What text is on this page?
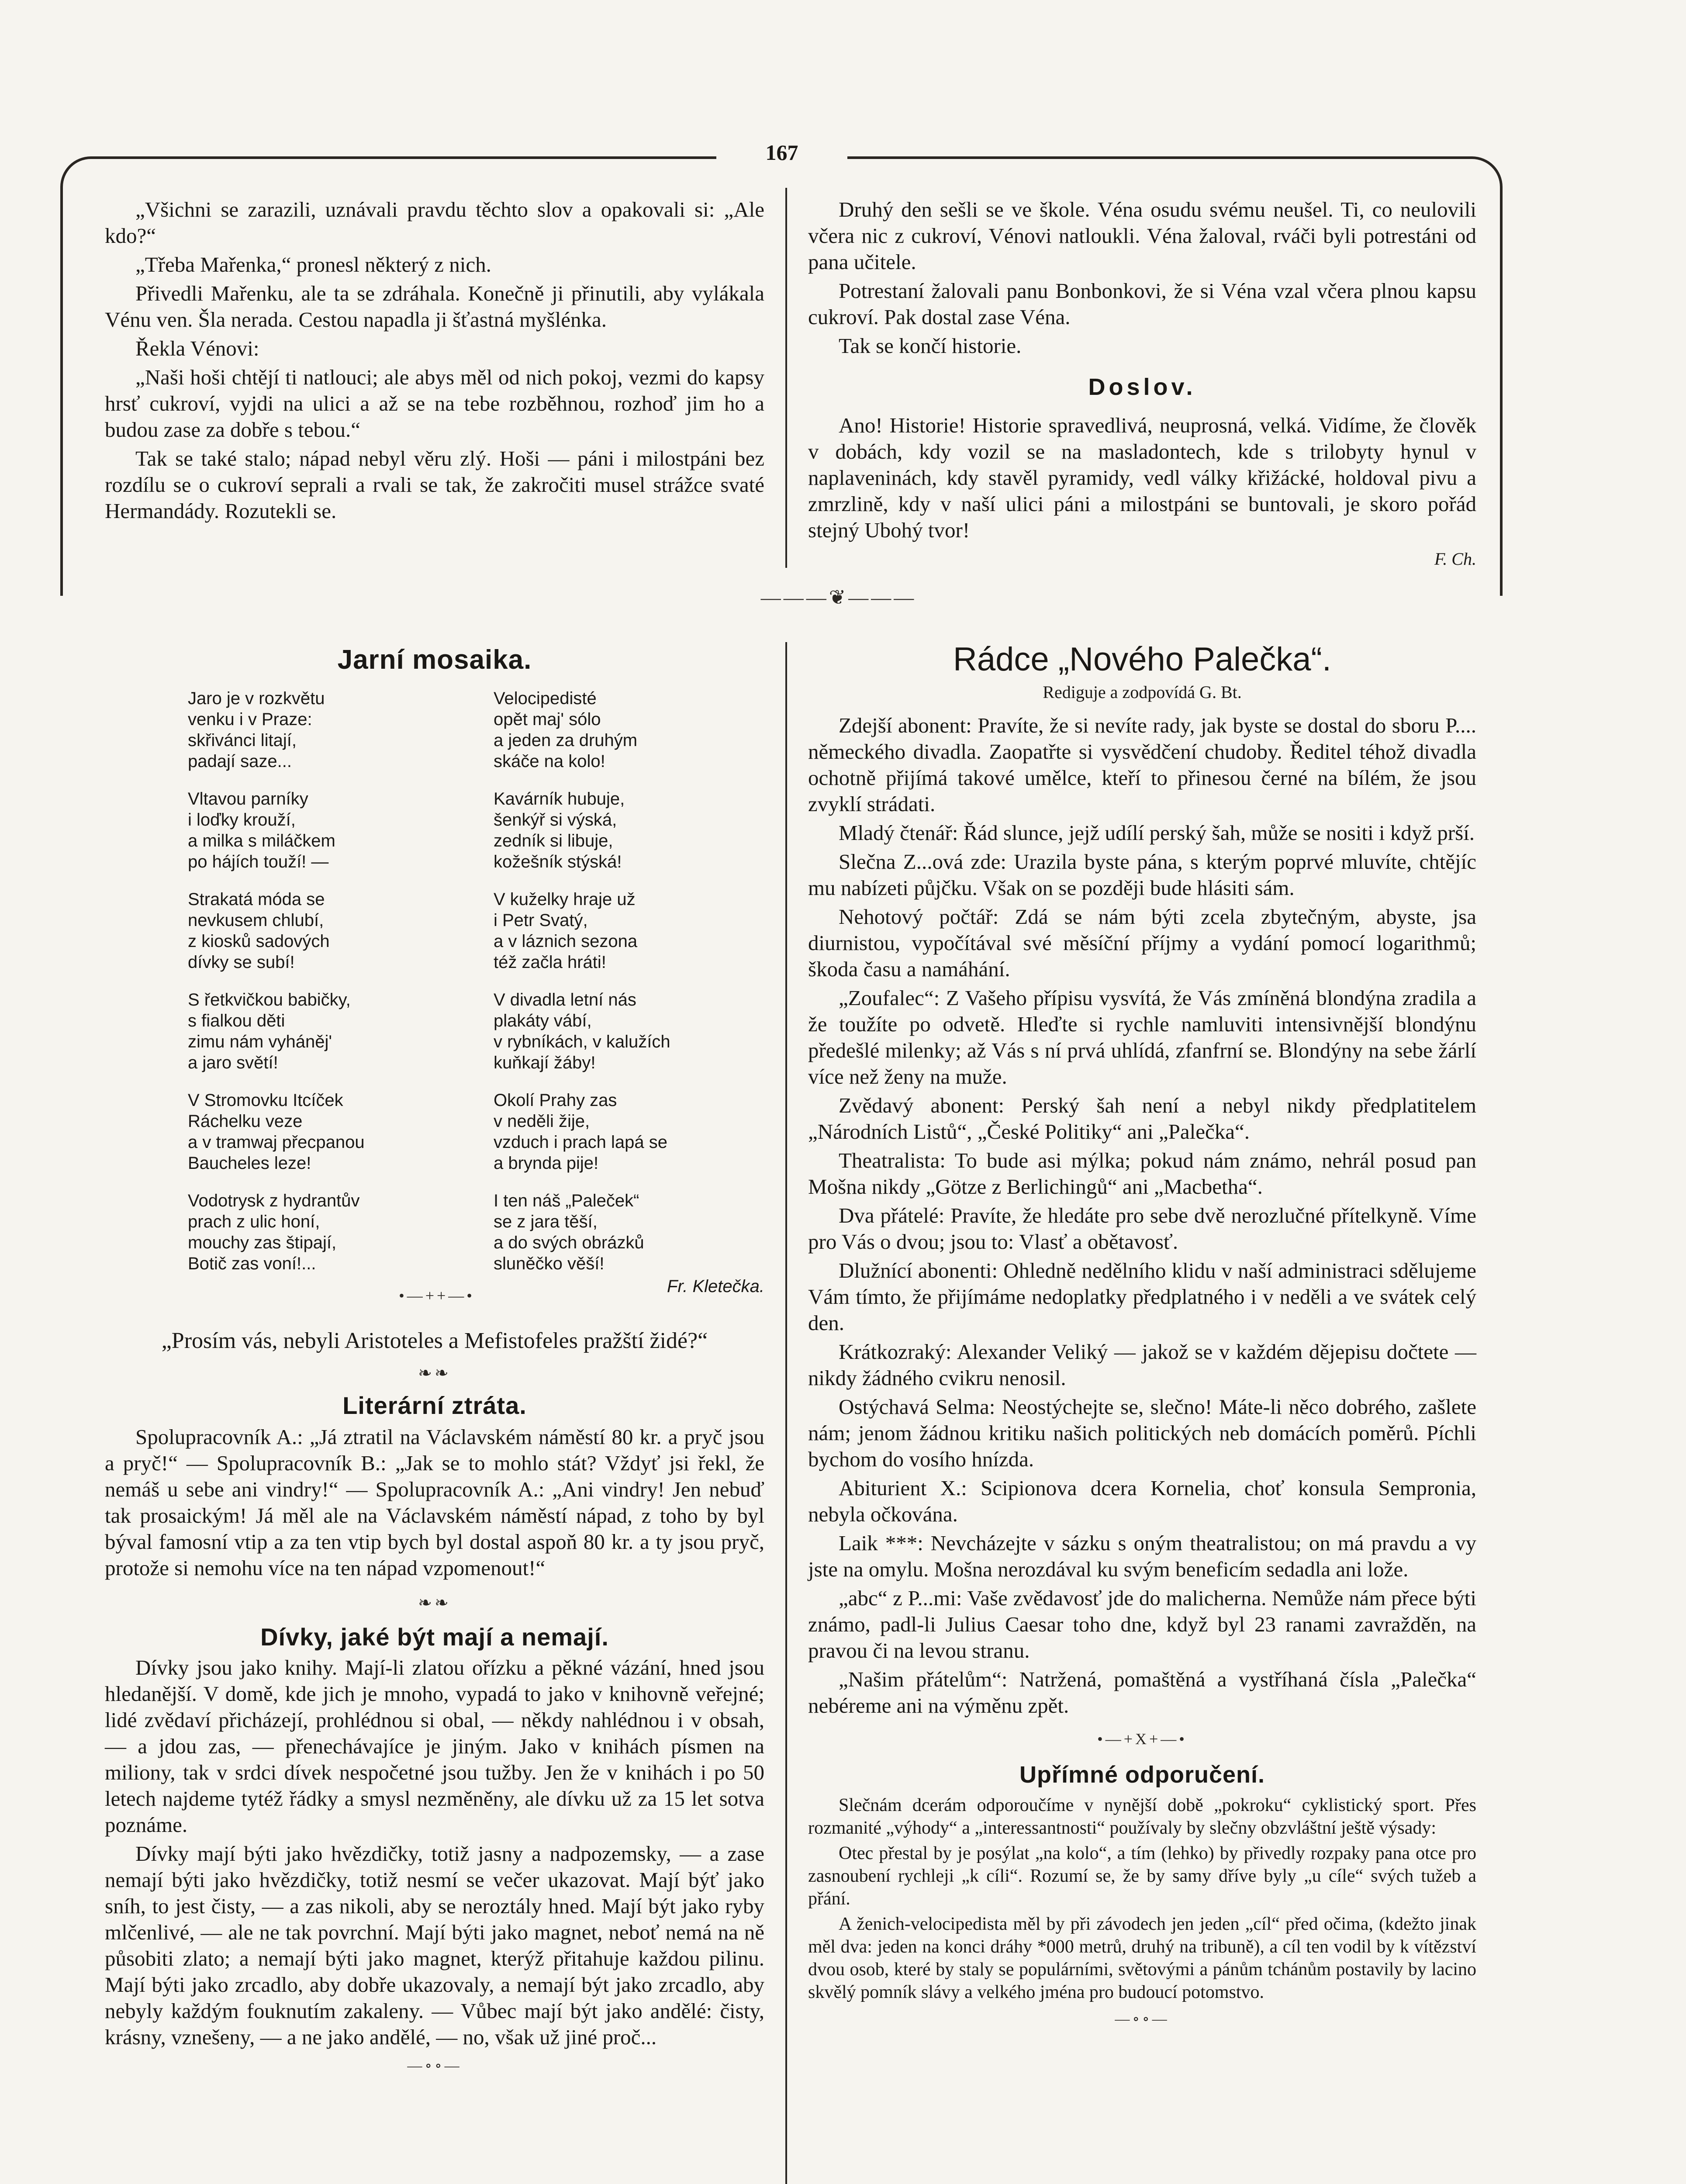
167

„Všichni se zarazili, uznávali pravdu těchto slov a opakovali si: „Ale kdo?“

„Třeba Mařenka,“ pronesl některý z nich.

Přivedli Mařenku, ale ta se zdráhala. Konečně ji přinutili, aby vylákala Vénu ven. Šla nerada. Cestou napadla ji šťastná myšlénka.

Řekla Vénovi:

„Naši hoši chtějí ti natlouci; ale abys měl od nich pokoj, vezmi do kapsy hrsť cukroví, vyjdi na ulici a až se na tebe rozběhnou, rozhoď jim ho a budou zase za dobře s tebou.“

Tak se také stalo; nápad nebyl věru zlý. Hoši — páni i milostpáni bez rozdílu se o cukroví seprali a rvali se tak, že zakročiti musel strážce svaté Hermandády. Rozutekli se.

Druhý den sešli se ve škole. Véna osudu svému neušel. Ti, co neulovili včera nic z cukroví, Vénovi natloukli. Véna žaloval, rváči byli potrestáni od pana učitele.

Potrestaní žalovali panu Bonbonkovi, že si Véna vzal včera plnou kapsu cukroví. Pak dostal zase Véna.

Tak se končí historie.

Doslov.

Ano! Historie! Historie spravedlivá, neuprosná, velká. Vidíme, že člověk v dobách, kdy vozil se na masladontech, kde s trilobyty hynul v naplaveninách, kdy stavěl pyramidy, vedl války křižácké, holdoval pivu a zmrzlině, kdy v naší ulici páni a milostpáni se buntovali, je skoro pořád stejný Ubohý tvor!

F. Ch.
———❦———
Jarní mosaika.
Jaro je v rozkvětu
venku i v Praze:
skřivánci litají,
padají saze...
Vltavou parníky
i loďky krouží,
a milka s miláčkem
po hájích touží! —
Strakatá móda se
nevkusem chlubí,
z kiosků sadových
dívky se subí!
S řetkvičkou babičky,
s fialkou děti
zimu nám vyháněj'
a jaro světí!
V Stromovku Itcíček
Ráchelku veze
a v tramwaj přecpanou
Baucheles leze!
Vodotrysk z hydrantův
prach z ulic honí,
mouchy zas štipají,
Botič zas voní!...
Velocipedisté
opět maj' sólo
a jeden za druhým
skáče na kolo!
Kavárník hubuje,
šenkýř si výská,
zedník si libuje,
kožešník stýská!
V kuželky hraje už
i Petr Svatý,
a v láznich sezona
též začla hráti!
V divadla letní nás
plakáty vábí,
v rybníkách, v kalužích
kuňkají žáby!
Okolí Prahy zas
v neděli žije,
vzduch i prach lapá se
a brynda pije!
I ten náš „Paleček“
se z jara těší,
a do svých obrázků
sluněčko věší!
Fr. Kletečka.
•—++—•

„Prosím vás, nebyli Aristoteles a Mefistofeles pražští židé?“

❧❧
Literární ztráta.

Spolupracovník A.: „Já ztratil na Václavském náměstí 80 kr. a pryč jsou a pryč!“ — Spolupracovník B.: „Jak se to mohlo stát? Vždyť jsi řekl, že nemáš u sebe ani vindry!“ — Spolupracovník A.: „Ani vindry! Jen nebuď tak prosaickým! Já měl ale na Václavském náměstí nápad, z toho by byl býval famosní vtip a za ten vtip bych byl dostal aspoň 80 kr. a ty jsou pryč, protože si nemohu více na ten nápad vzpomenout!“

❧❧
Dívky, jaké být mají a nemají.

Dívky jsou jako knihy. Mají-li zlatou ořízku a pěkné vázání, hned jsou hledanější. V domě, kde jich je mnoho, vypadá to jako v knihovně veřejné; lidé zvědaví přicházejí, prohlédnou si obal, — někdy nahlédnou i v obsah, — a jdou zas, — přenechávajíce je jiným. Jako v knihách písmen na miliony, tak v srdci dívek nespočetné jsou tužby. Jen že v knihách i po 50 letech najdeme tytéž řádky a smysl nezměněny, ale dívku už za 15 let sotva poznáme.

Dívky mají býti jako hvězdičky, totiž jasny a nadpozemsky, — a zase nemají býti jako hvězdičky, totiž nesmí se večer ukazovat. Mají býť jako sníh, to jest čisty, — a zas nikoli, aby se neroztály hned. Mají být jako ryby mlčenlivé, — ale ne tak povrchní. Mají býti jako magnet, neboť nemá na ně působiti zlato; a nemají býti jako magnet, kterýž přitahuje každou pilinu. Mají býti jako zrcadlo, aby dobře ukazovaly, a nemají být jako zrcadlo, aby nebyly každým fouknutím zakaleny. — Vůbec mají být jako andělé: čisty, krásny, vznešeny, — a ne jako andělé, — no, však už jiné proč...

—∘∘—
Rádce „Nového Palečka“.
Rediguje a zodpovídá G. Bt.

Zdejší abonent: Pravíte, že si nevíte rady, jak byste se dostal do sboru P.... německého divadla. Zaopatřte si vysvědčení chudoby. Ředitel téhož divadla ochotně přijímá takové umělce, kteří to přinesou černé na bílém, že jsou zvyklí strádati.

Mladý čtenář: Řád slunce, jejž udílí perský šah, může se nositi i když prší.

Slečna Z...ová zde: Urazila byste pána, s kterým poprvé mluvíte, chtějíc mu nabízeti půjčku. Však on se později bude hlásiti sám.

Nehotový počtář: Zdá se nám býti zcela zbytečným, abyste, jsa diurnistou, vypočítával své měsíční příjmy a vydání pomocí logarithmů; škoda času a namáhání.

„Zoufalec“: Z Vašeho přípisu vysvítá, že Vás zmíněná blondýna zradila a že toužíte po odvetě. Hleďte si rychle namluviti intensivnější blondýnu předešlé milenky; až Vás s ní prvá uhlídá, zfanfrní se. Blondýny na sebe žárlí více než ženy na muže.

Zvědavý abonent: Perský šah není a nebyl nikdy předplatitelem „Národních Listů“, „České Politiky“ ani „Palečka“.

Theatralista: To bude asi mýlka; pokud nám známo, nehrál posud pan Mošna nikdy „Götze z Berlichingů“ ani „Macbetha“.

Dva přátelé: Pravíte, že hledáte pro sebe dvě nerozlučné přítelkyně. Víme pro Vás o dvou; jsou to: Vlasť a obětavosť.

Dlužnící abonenti: Ohledně nedělního klidu v naší administraci sdělujeme Vám tímto, že přijímáme nedoplatky předplatného i v neděli a ve svátek celý den.

Krátkozraký: Alexander Veliký — jakož se v každém dějepisu dočtete — nikdy žádného cvikru nenosil.

Ostýchavá Selma: Neostýchejte se, slečno! Máte-li něco dobrého, zašlete nám; jenom žádnou kritiku našich politických neb domácích poměrů. Píchli bychom do vosího hnízda.

Abiturient X.: Scipionova dcera Kornelia, choť konsula Sempronia, nebyla očkována.

Laik ***: Nevcházejte v sázku s oným theatralistou; on má pravdu a vy jste na omylu. Mošna nerozdával ku svým beneficím sedadla ani lože.

„abc“ z P...mi: Vaše zvědavosť jde do malicherna. Nemůže nám přece býti známo, padl-li Julius Caesar toho dne, když byl 23 ranami zavražděn, na pravou či na levou stranu.

„Našim přátelům“: Natržená, pomaštěná a vystříhaná čísla „Palečka“ nebéreme ani na výměnu zpět.

•—+X+—•
Upřímné odporučení.

Slečnám dcerám odporoučíme v nynější době „pokroku“ cyklistický sport. Přes rozmanité „výhody“ a „interessantnosti“ používaly by slečny obzvláštní ještě výsady:

Otec přestal by je posýlat „na kolo“, a tím (lehko) by přivedly rozpaky pana otce pro zasnoubení rychleji „k cíli“. Rozumí se, že by samy dříve byly „u cíle“ svých tužeb a přání.

A ženich-velocipedista měl by při závodech jen jeden „cíl“ před očima, (kdežto jinak měl dva: jeden na konci dráhy *000 metrů, druhý na tribuně), a cíl ten vodil by k vítězství dvou osob, které by staly se populárními, světovými a pánům tchánům postavily by lacino skvělý pomník slávy a velkého jména pro budoucí potomstvo.

—∘∘—
